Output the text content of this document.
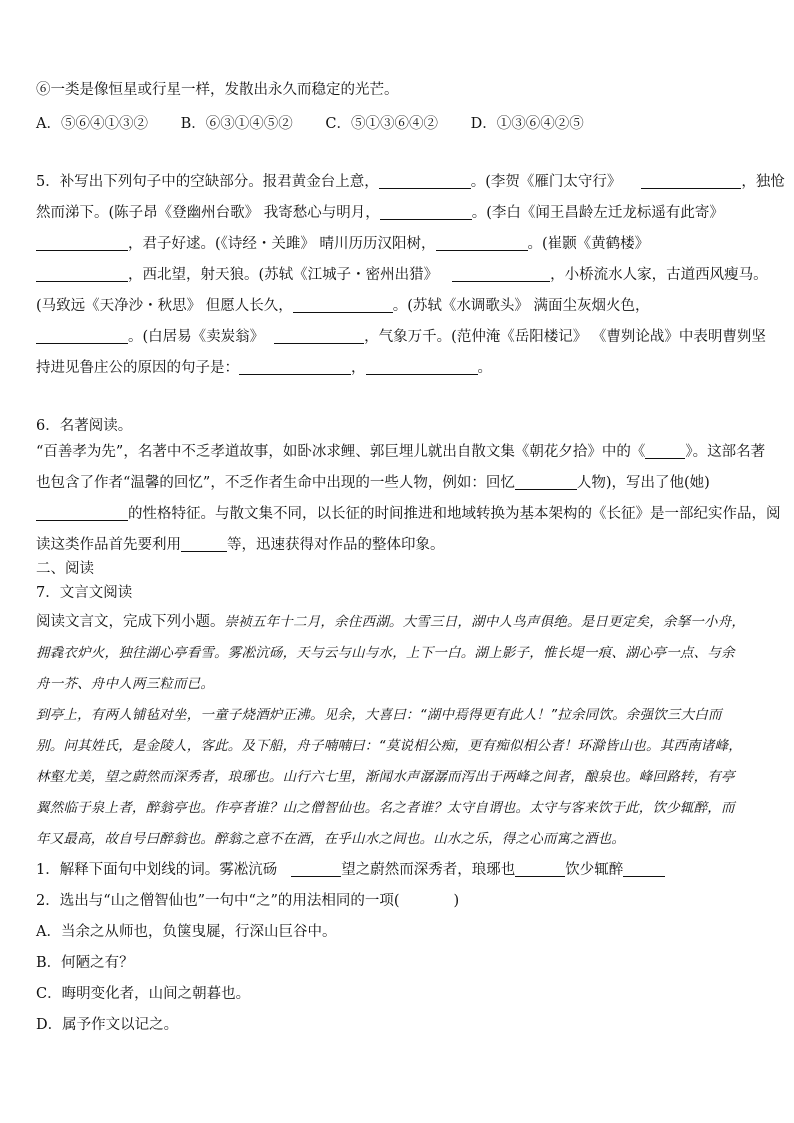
⑥一类是像恒星或行星一样，发散出永久而稳定的光芒。

A．⑤⑥④①③② B．⑥③①④⑤② C．⑤①③⑥④② D．①③⑥④②⑤

5．补写出下列句子中的空缺部分。报君黄金台上意，	。(李贺《雁门太守行》	，独怆

然而涕下。(陈子昂《登幽州台歌》 我寄愁心与明月，	。(李白《闻王昌龄左迁龙标遥有此寄》

，君子好逑。(《诗经・关雎》 晴川历历汉阳树，	。(崔颢《黄鹤楼》

，西北望，射天狼。(苏轼《江城子・密州出猎》	，小桥流水人家，古道西风瘦马。

(马致远《天净沙・秋思》 但愿人长久，	。(苏轼《水调歌头》 满面尘灰烟火色，

。(白居易《卖炭翁》	，气象万千。(范仲淹《岳阳楼记》 《曹刿论战》中表明曹刿坚

持进见鲁庄公的原因的句子是：	，	。

6．名著阅读。

“百善孝为先”，名著中不乏孝道故事，如卧冰求鲤、郭巨埋儿就出自散文集《朝花夕拾》中的《	》。这部名著

也包含了作者“温馨的回忆”，不乏作者生命中出现的一些人物，例如：回忆	人物)，写出了他(她)

的性格特征。与散文集不同，以长征的时间推进和地域转换为基本架构的《长征》是一部纪实作品，阅

读这类作品首先要利用	等，迅速获得对作品的整体印象。

二、阅读

7．文言文阅读

阅读文言文，完成下列小题。崇祯五年十二月，余住西湖。大雪三日，湖中人鸟声俱绝。是日更定矣，余拏一小舟，

拥毳衣炉火，独往湖心亭看雪。雾凇沆砀，天与云与山与水，上下一白。湖上影子，惟长堤一痕、湖心亭一点、与余

舟一芥、舟中人两三粒而已。

到亭上，有两人铺毡对坐，一童子烧酒炉正沸。见余，大喜曰：“湖中焉得更有此人！”拉余同饮。余强饮三大白而

别。问其姓氏，是金陵人，客此。及下船，舟子喃喃曰：“莫说相公痴，更有痴似相公者！环滁皆山也。其西南诸峰，

林壑尤美，望之蔚然而深秀者，琅琊也。山行六七里，渐闻水声潺潺而泻出于两峰之间者，酿泉也。峰回路转，有亭

翼然临于泉上者，醉翁亭也。作亭者谁？山之僧智仙也。名之者谁？太守自谓也。太守与客来饮于此，饮少辄醉，而

年又最高，故自号曰醉翁也。醉翁之意不在酒，在乎山水之间也。山水之乐，得之心而寓之酒也。

1．解释下面句中划线的词。雾凇沆砀	望之蔚然而深秀者，琅琊也	饮少辄醉

2．选出与“山之僧智仙也”一句中“之”的用法相同的一项(	)

A．当余之从师也，负箧曳屣，行深山巨谷中。

B．何陋之有？

C．晦明变化者，山间之朝暮也。

D．属予作文以记之。
